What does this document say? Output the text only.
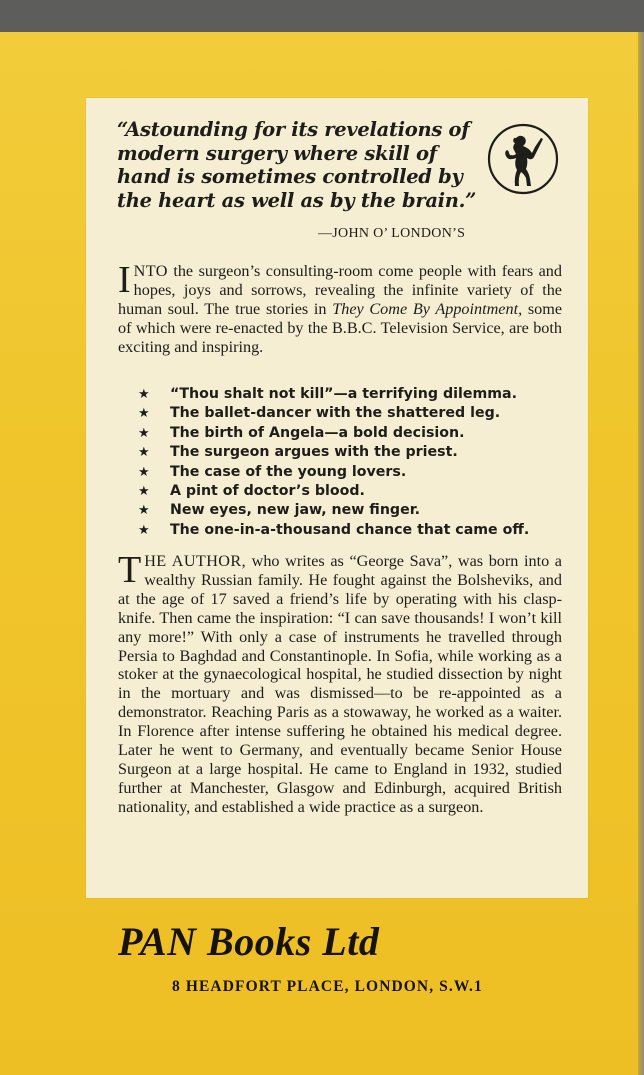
“Astounding for its revelations of modern surgery where skill of hand is sometimes controlled by the heart as well as by the brain.”
—JOHN O’ LONDON’S
INTO the surgeon’s consulting-room come people with fears and hopes, joys and sorrows, revealing the infinite variety of the human soul. The true stories in They Come By Appointment, some of which were re-enacted by the B.B.C. Television Service, are both exciting and inspiring.
★	“Thou shalt not kill”—a terrifying dilemma.
★	The ballet-dancer with the shattered leg.
★	The birth of Angela—a bold decision.
★	The surgeon argues with the priest.
★	The case of the young lovers.
★	A pint of doctor’s blood.
★	New eyes, new jaw, new finger.
★	The one-in-a-thousand chance that came off.
THE AUTHOR, who writes as “George Sava”, was born into a wealthy Russian family. He fought against the Bolsheviks, and at the age of 17 saved a friend’s life by operating with his clasp-knife. Then came the inspiration: “I can save thousands! I won’t kill any more!” With only a case of instruments he travelled through Persia to Baghdad and Constantinople. In Sofia, while working as a stoker at the gynaecological hospital, he studied dissection by night in the mortuary and was dismissed—to be re-appointed as a demonstrator. Reaching Paris as a stowaway, he worked as a waiter. In Florence after intense suffering he obtained his medical degree. Later he went to Germany, and eventually became Senior House Surgeon at a large hospital. He came to England in 1932, studied further at Manchester, Glasgow and Edinburgh, acquired British nationality, and established a wide practice as a surgeon.
PAN Books Ltd
8 HEADFORT PLACE, LONDON, S.W.1
